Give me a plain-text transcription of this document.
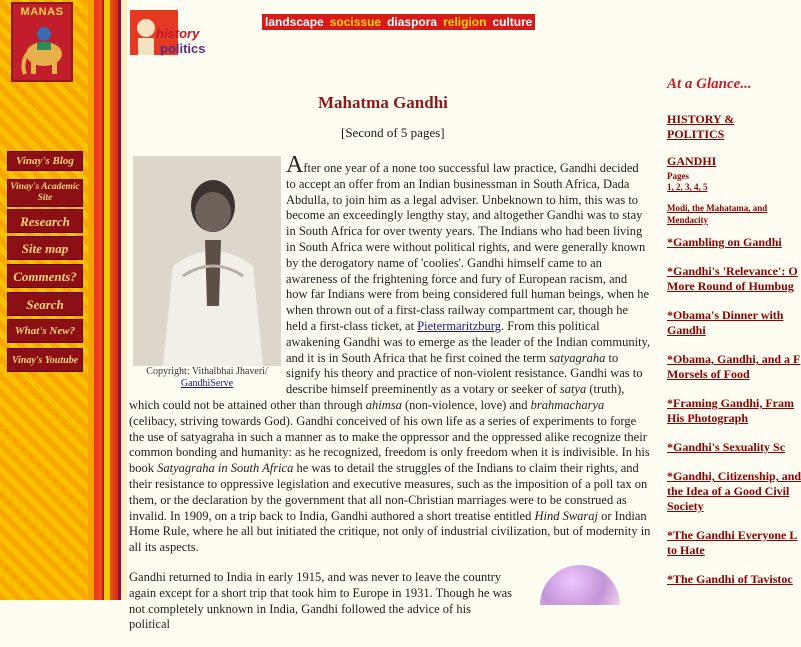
MANAS
Vinay's Blog
Vinay's Academic Site
Research
Site map
Comments?
Search
What's New?
Vinay's Youtube
history
politics
landscape socissue diaspora religion culture
Mahatma Gandhi
[Second of 5 pages]
Copyright: Vithalbhai Jhaveri/
GandhiServe

After one year of a none too successful law practice, Gandhi decided to accept an offer from an Indian businessman in South Africa, Dada Abdulla, to join him as a legal adviser. Unbeknown to him, this was to become an exceedingly lengthy stay, and altogether Gandhi was to stay in South Africa for over twenty years. The Indians who had been living in South Africa were without political rights, and were generally known by the derogatory name of 'coolies'. Gandhi himself came to an awareness of the frightening force and fury of European racism, and how far Indians were from being considered full human beings, when he when thrown out of a first-class railway compartment car, though he held a first-class ticket, at Pietermaritzburg. From this political awakening Gandhi was to emerge as the leader of the Indian community, and it is in South Africa that he first coined the term satyagraha to signify his theory and practice of non-violent resistance. Gandhi was to describe himself preeminently as a votary or seeker of satya (truth), which could not be attained other than through ahimsa (non-violence, love) and brahmacharya (celibacy, striving towards God). Gandhi conceived of his own life as a series of experiments to forge the use of satyagraha in such a manner as to make the oppressor and the oppressed alike recognize their common bonding and humanity: as he recognized, freedom is only freedom when it is indivisible. In his book Satyagraha in South Africa he was to detail the struggles of the Indians to claim their rights, and their resistance to oppressive legislation and executive measures, such as the imposition of a poll tax on them, or the declaration by the government that all non-Christian marriages were to be construed as invalid. In 1909, on a trip back to India, Gandhi authored a short treatise entitled Hind Swaraj or Indian Home Rule, where he all but initiated the critique, not only of industrial civilization, but of modernity in all its aspects.

Gandhi returned to India in early 1915, and was never to leave the country again except for a short trip that took him to Europe in 1931. Though he was not completely unknown in India, Gandhi followed the advice of his political

At a Glance...
HISTORY &
POLITICS
GANDHI
Pages
1, 2, 3, 4, 5
Modi, the Mahatama, and Mendacity
*Gambling on Gandhi
*Gandhi's 'Relevance': O
More Round of Humbug
*Obama's Dinner with
Gandhi
*Obama, Gandhi, and a F
Morsels of Food
*Framing Gandhi, Fram
His Photograph
*Gandhi's Sexuality Sc
*Gandhi, Citizenship, and
the Idea of a Good Civil
Society
*The Gandhi Everyone L
to Hate
*The Gandhi of Tavistoc
